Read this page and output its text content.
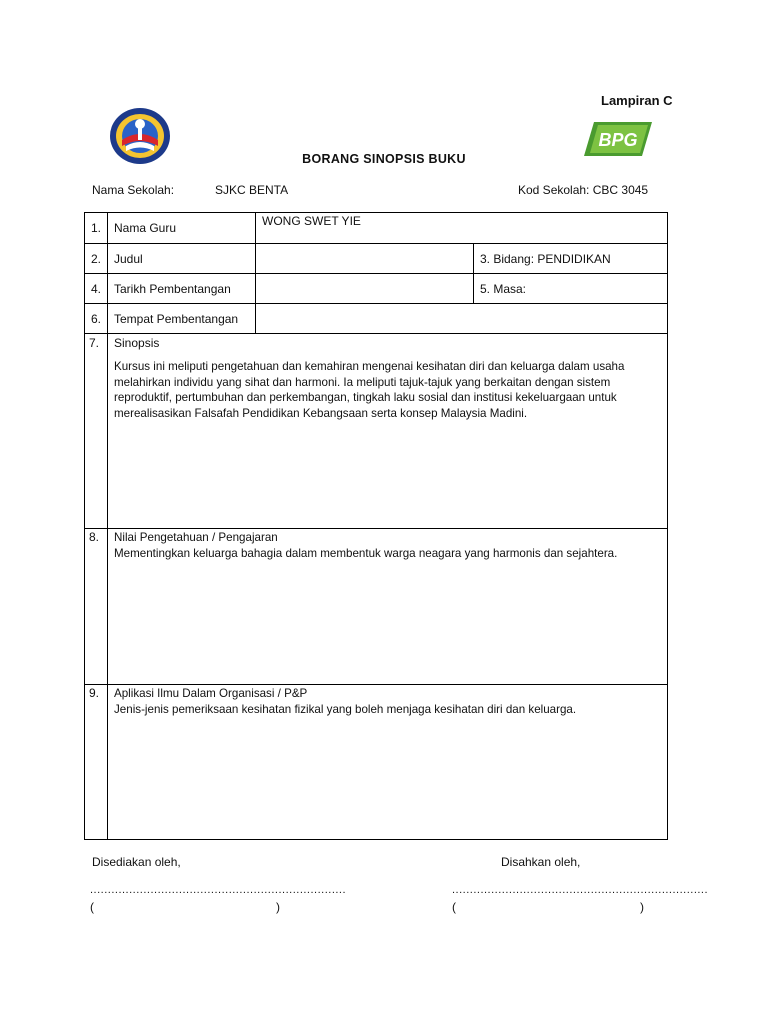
Lampiran C
BPG
BORANG SINOPSIS BUKU
Nama Sekolah:	SJKC BENTA	Kod Sekolah: CBC 3045
1.	Nama Guru	WONG SWET YIE	
2.	Judul		3. Bidang: PENDIDIKAN
4.	Tarikh Pembentangan		5. Masa:
6.	Tempat Pembentangan		
7.	Sinopsis
Kursus ini meliputi pengetahuan dan kemahiran mengenai kesihatan diri dan keluarga dalam usaha melahirkan individu yang sihat dan harmoni. Ia meliputi tajuk-tajuk yang berkaitan dengan sistem reproduktif, pertumbuhan dan perkembangan, tingkah laku sosial dan institusi kekeluargaan untuk merealisasikan Falsafah Pendidikan Kebangsaan serta konsep Malaysia Madini.		

8.	Nilai Pengetahuan / Pengajaran
Mementingkan keluarga bahagia dalam membentuk warga neagara yang harmonis dan sejahtera.		

9.	Aplikasi Ilmu Dalam Organisasi / P&P
Jenis-jenis pemeriksaan kesihatan fizikal yang boleh menjaga kesihatan diri dan keluarga.		
Disediakan oleh,	Disahkan oleh,
........................................................................	........................................................................
(	)	(	)
